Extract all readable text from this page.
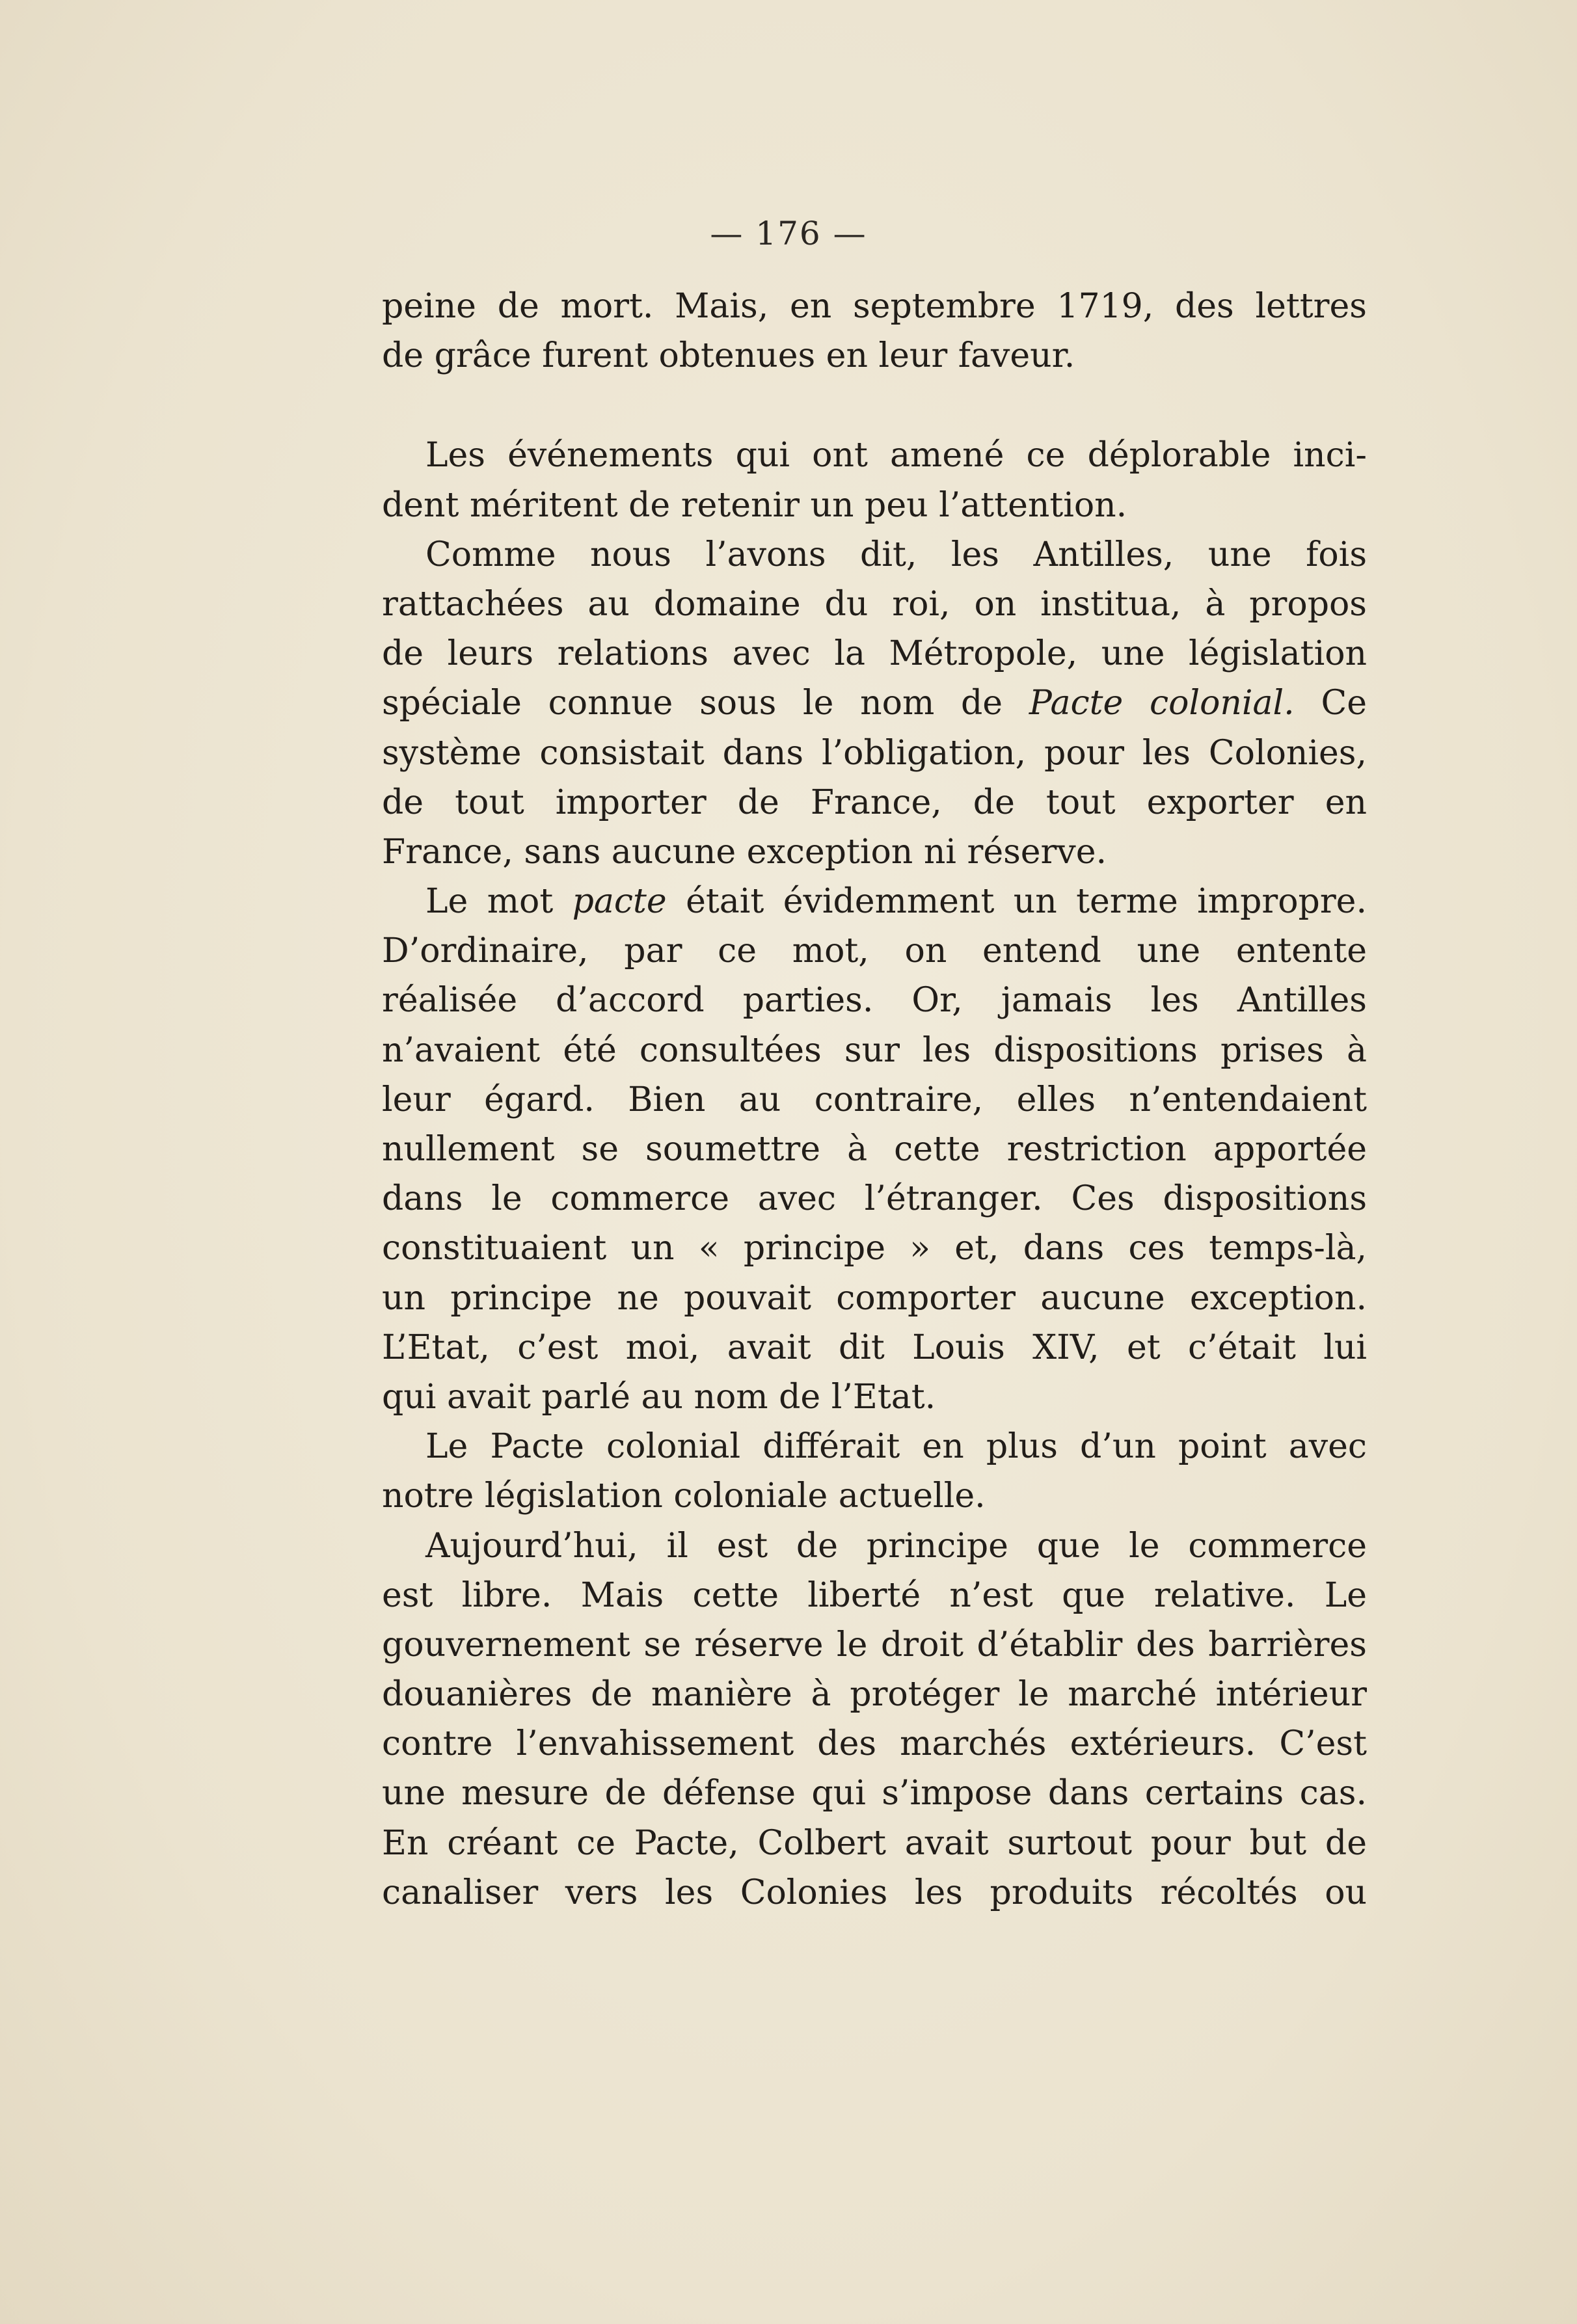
— 176 —
peine de mort. Mais, en septembre 1719, des lettres
de grâce furent obtenues en leur faveur.
Les événements qui ont amené ce déplorable inci-
dent méritent de retenir un peu l’attention.
Comme nous l’avons dit, les Antilles, une fois
rattachées au domaine du roi, on institua, à propos
de leurs relations avec la Métropole, une législation
spéciale connue sous le nom de Pacte colonial. Ce
système consistait dans l’obligation, pour les Colonies,
de tout importer de France, de tout exporter en
France, sans aucune exception ni réserve.
Le mot pacte était évidemment un terme impropre.
D’ordinaire, par ce mot, on entend une entente
réalisée d’accord parties. Or, jamais les Antilles
n’avaient été consultées sur les dispositions prises à
leur égard. Bien au contraire, elles n’entendaient
nullement se soumettre à cette restriction apportée
dans le commerce avec l’étranger. Ces dispositions
constituaient un « principe » et, dans ces temps-là,
un principe ne pouvait comporter aucune exception.
L’Etat, c’est moi, avait dit Louis XIV, et c’était lui
qui avait parlé au nom de l’Etat.
Le Pacte colonial différait en plus d’un point avec
notre législation coloniale actuelle.
Aujourd’hui, il est de principe que le commerce
est libre. Mais cette liberté n’est que relative. Le
gouvernement se réserve le droit d’établir des barrières
douanières de manière à protéger le marché intérieur
contre l’envahissement des marchés extérieurs. C’est
une mesure de défense qui s’impose dans certains cas.
En créant ce Pacte, Colbert avait surtout pour but de
canaliser vers les Colonies les produits récoltés ou
